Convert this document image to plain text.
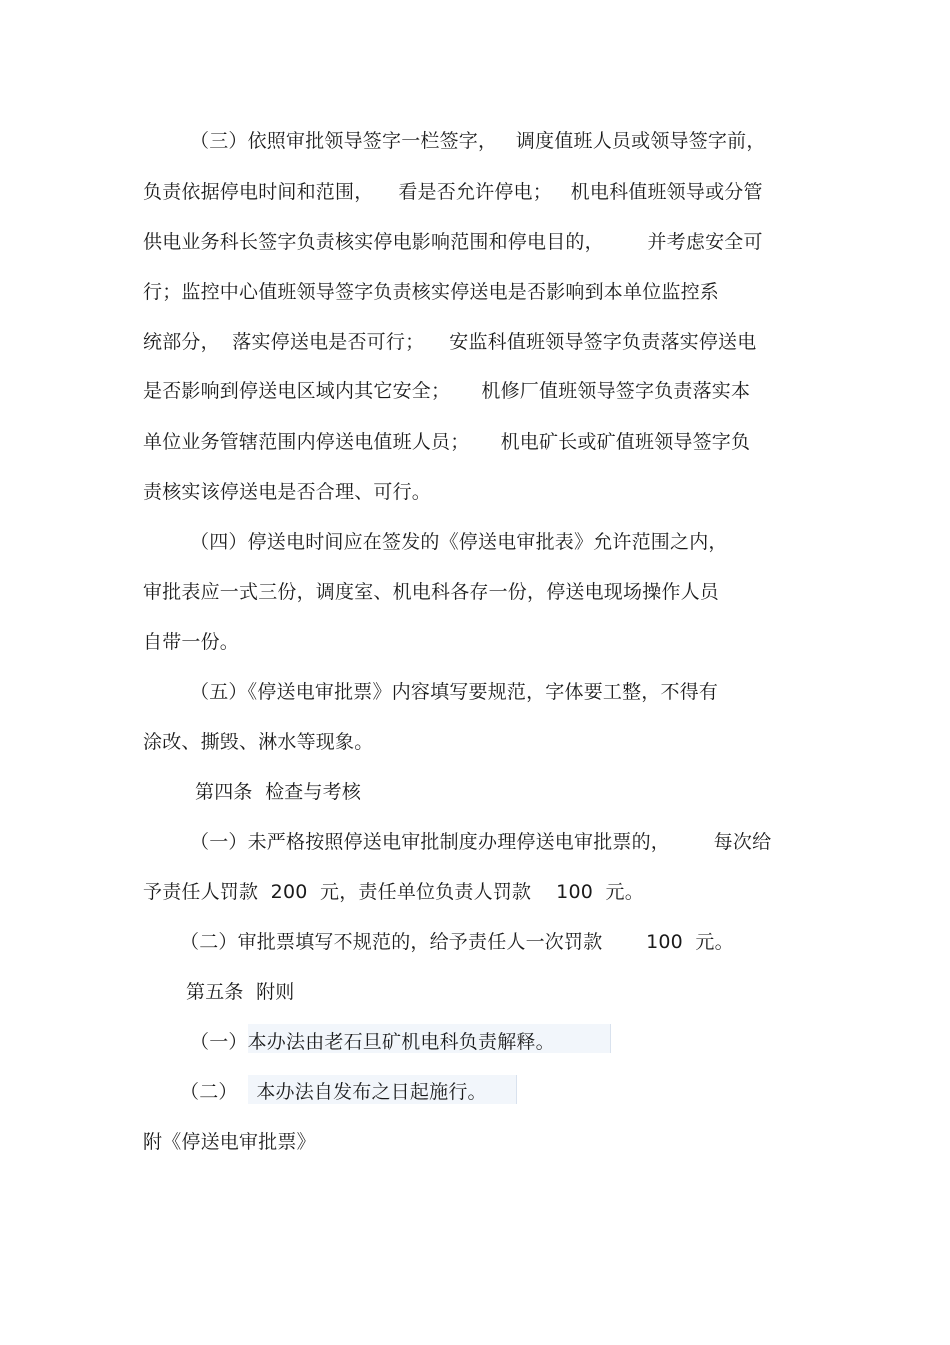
（三）依照审批领导签字一栏签字，   调度值班人员或领导签字前，
负责依据停电时间和范围，    看是否允许停电；   机电科值班领导或分管
供电业务科长签字负责核实停电影响范围和停电目的，       并考虑安全可
行；监控中心值班领导签字负责核实停送电是否影响到本单位监控系
统部分，  落实停送电是否可行；    安监科值班领导签字负责落实停送电
是否影响到停送电区域内其它安全；     机修厂值班领导签字负责落实本
单位业务管辖范围内停送电值班人员；     机电矿长或矿值班领导签字负
责核实该停送电是否合理、可行。
（四）停送电时间应在签发的《停送电审批表》允许范围之内，
审批表应一式三份，调度室、机电科各存一份，停送电现场操作人员
自带一份。
（五）《停送电审批票》内容填写要规范，字体要工整，不得有
涂改、撕毁、淋水等现象。
第四条  检查与考核
（一）未严格按照停送电审批制度办理停送电审批票的，       每次给
予责任人罚款  200  元，责任单位负责人罚款    100  元。
（二）审批票填写不规范的，给予责任人一次罚款       100  元。
第五条  附则
（一）本办法由老石旦矿机电科负责解释。
（二）   本办法自发布之日起施行。
附《停送电审批票》
